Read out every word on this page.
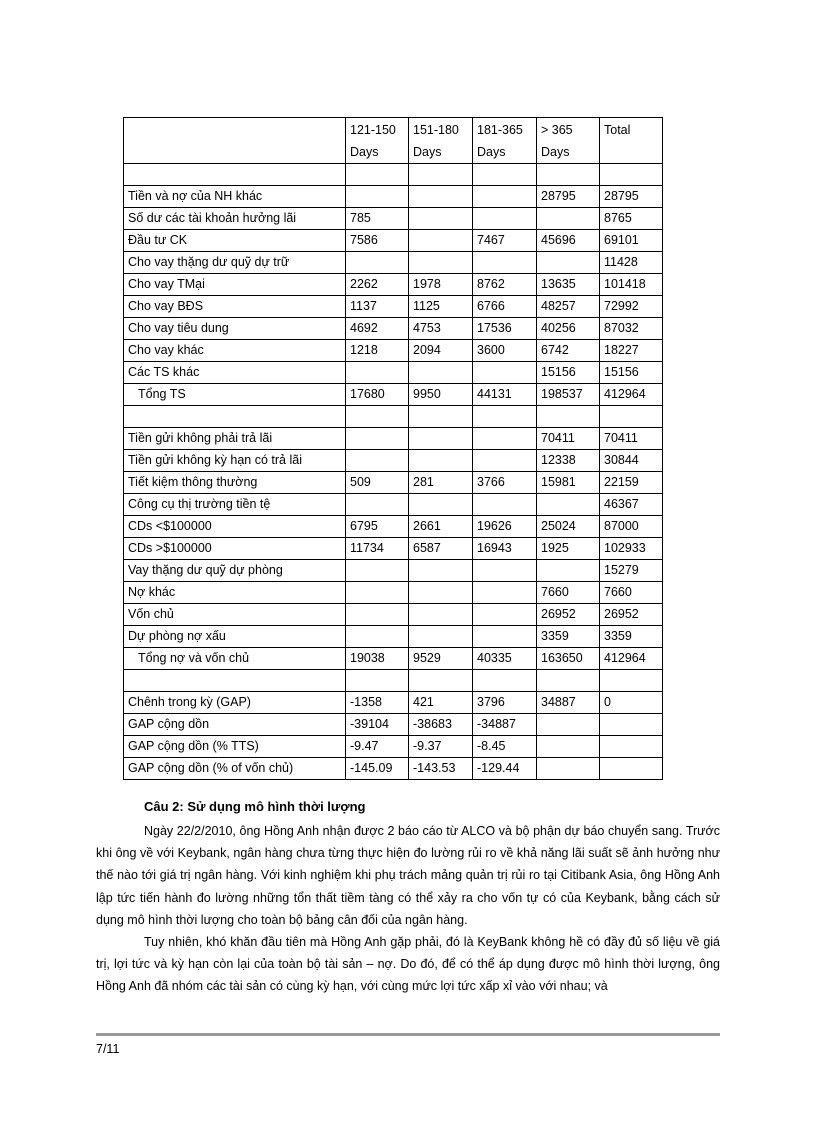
	121-150 Days	151-180 Days	181-365 Days	> 365 Days	Total

Tiền và nợ của NH khác				28795	28795
Số dư các tài khoản hưởng lãi	785				8765
Đầu tư CK	7586		7467	45696	69101
Cho vay thặng dư quỹ dự trữ					11428
Cho vay TMại	2262	1978	8762	13635	101418
Cho vay BĐS	1137	1125	6766	48257	72992
Cho vay tiêu dung	4692	4753	17536	40256	87032
Cho vay khác	1218	2094	3600	6742	18227
Các TS khác				15156	15156
Tổng TS	17680	9950	44131	198537	412964

Tiền gửi không phải trả lãi				70411	70411
Tiền gửi không kỳ hạn có trả lãi				12338	30844
Tiết kiệm thông thường	509	281	3766	15981	22159
Công cụ thị trường tiền tệ					46367
CDs <$100000	6795	2661	19626	25024	87000
CDs >$100000	11734	6587	16943	1925	102933
Vay thặng dư quỹ dự phòng					15279
Nợ khác				7660	7660
Vốn chủ				26952	26952
Dự phòng nợ xấu				3359	3359
Tổng nợ và vốn chủ	19038	9529	40335	163650	412964

Chênh trong kỳ (GAP)	-1358	421	3796	34887	0
GAP cộng dồn	-39104	-38683	-34887		
GAP cộng dồn (% TTS)	-9.47	-9.37	-8.45		
GAP cộng dồn (% of vốn chủ)	-145.09	-143.53	-129.44		
Câu 2: Sử dụng mô hình thời lượng
Ngày 22/2/2010, ông Hồng Anh nhận được 2 báo cáo từ ALCO và bộ phận dự báo chuyển sang. Trước khi ông về với Keybank, ngân hàng chưa từng thực hiện đo lường rủi ro về khả năng lãi suất sẽ ảnh hưởng như thế nào tới giá trị ngân hàng. Với kinh nghiệm khi phụ trách mảng quản trị rủi ro tại Citibank Asia, ông Hồng Anh lập tức tiến hành đo lường những tổn thất tiềm tàng có thể xảy ra cho vốn tự có của Keybank, bằng cách sử dụng mô hình thời lượng cho toàn bộ bảng cân đối của ngân hàng.
Tuy nhiên, khó khăn đầu tiên mà Hồng Anh gặp phải, đó là KeyBank không hề có đầy đủ số liệu về giá trị, lợi tức và kỳ hạn còn lại của toàn bộ tài sản – nợ. Do đó, để có thể áp dụng được mô hình thời lượng, ông Hồng Anh đã nhóm các tài sản có cùng kỳ hạn, với cùng mức lợi tức xấp xỉ vào với nhau; và
7/11
